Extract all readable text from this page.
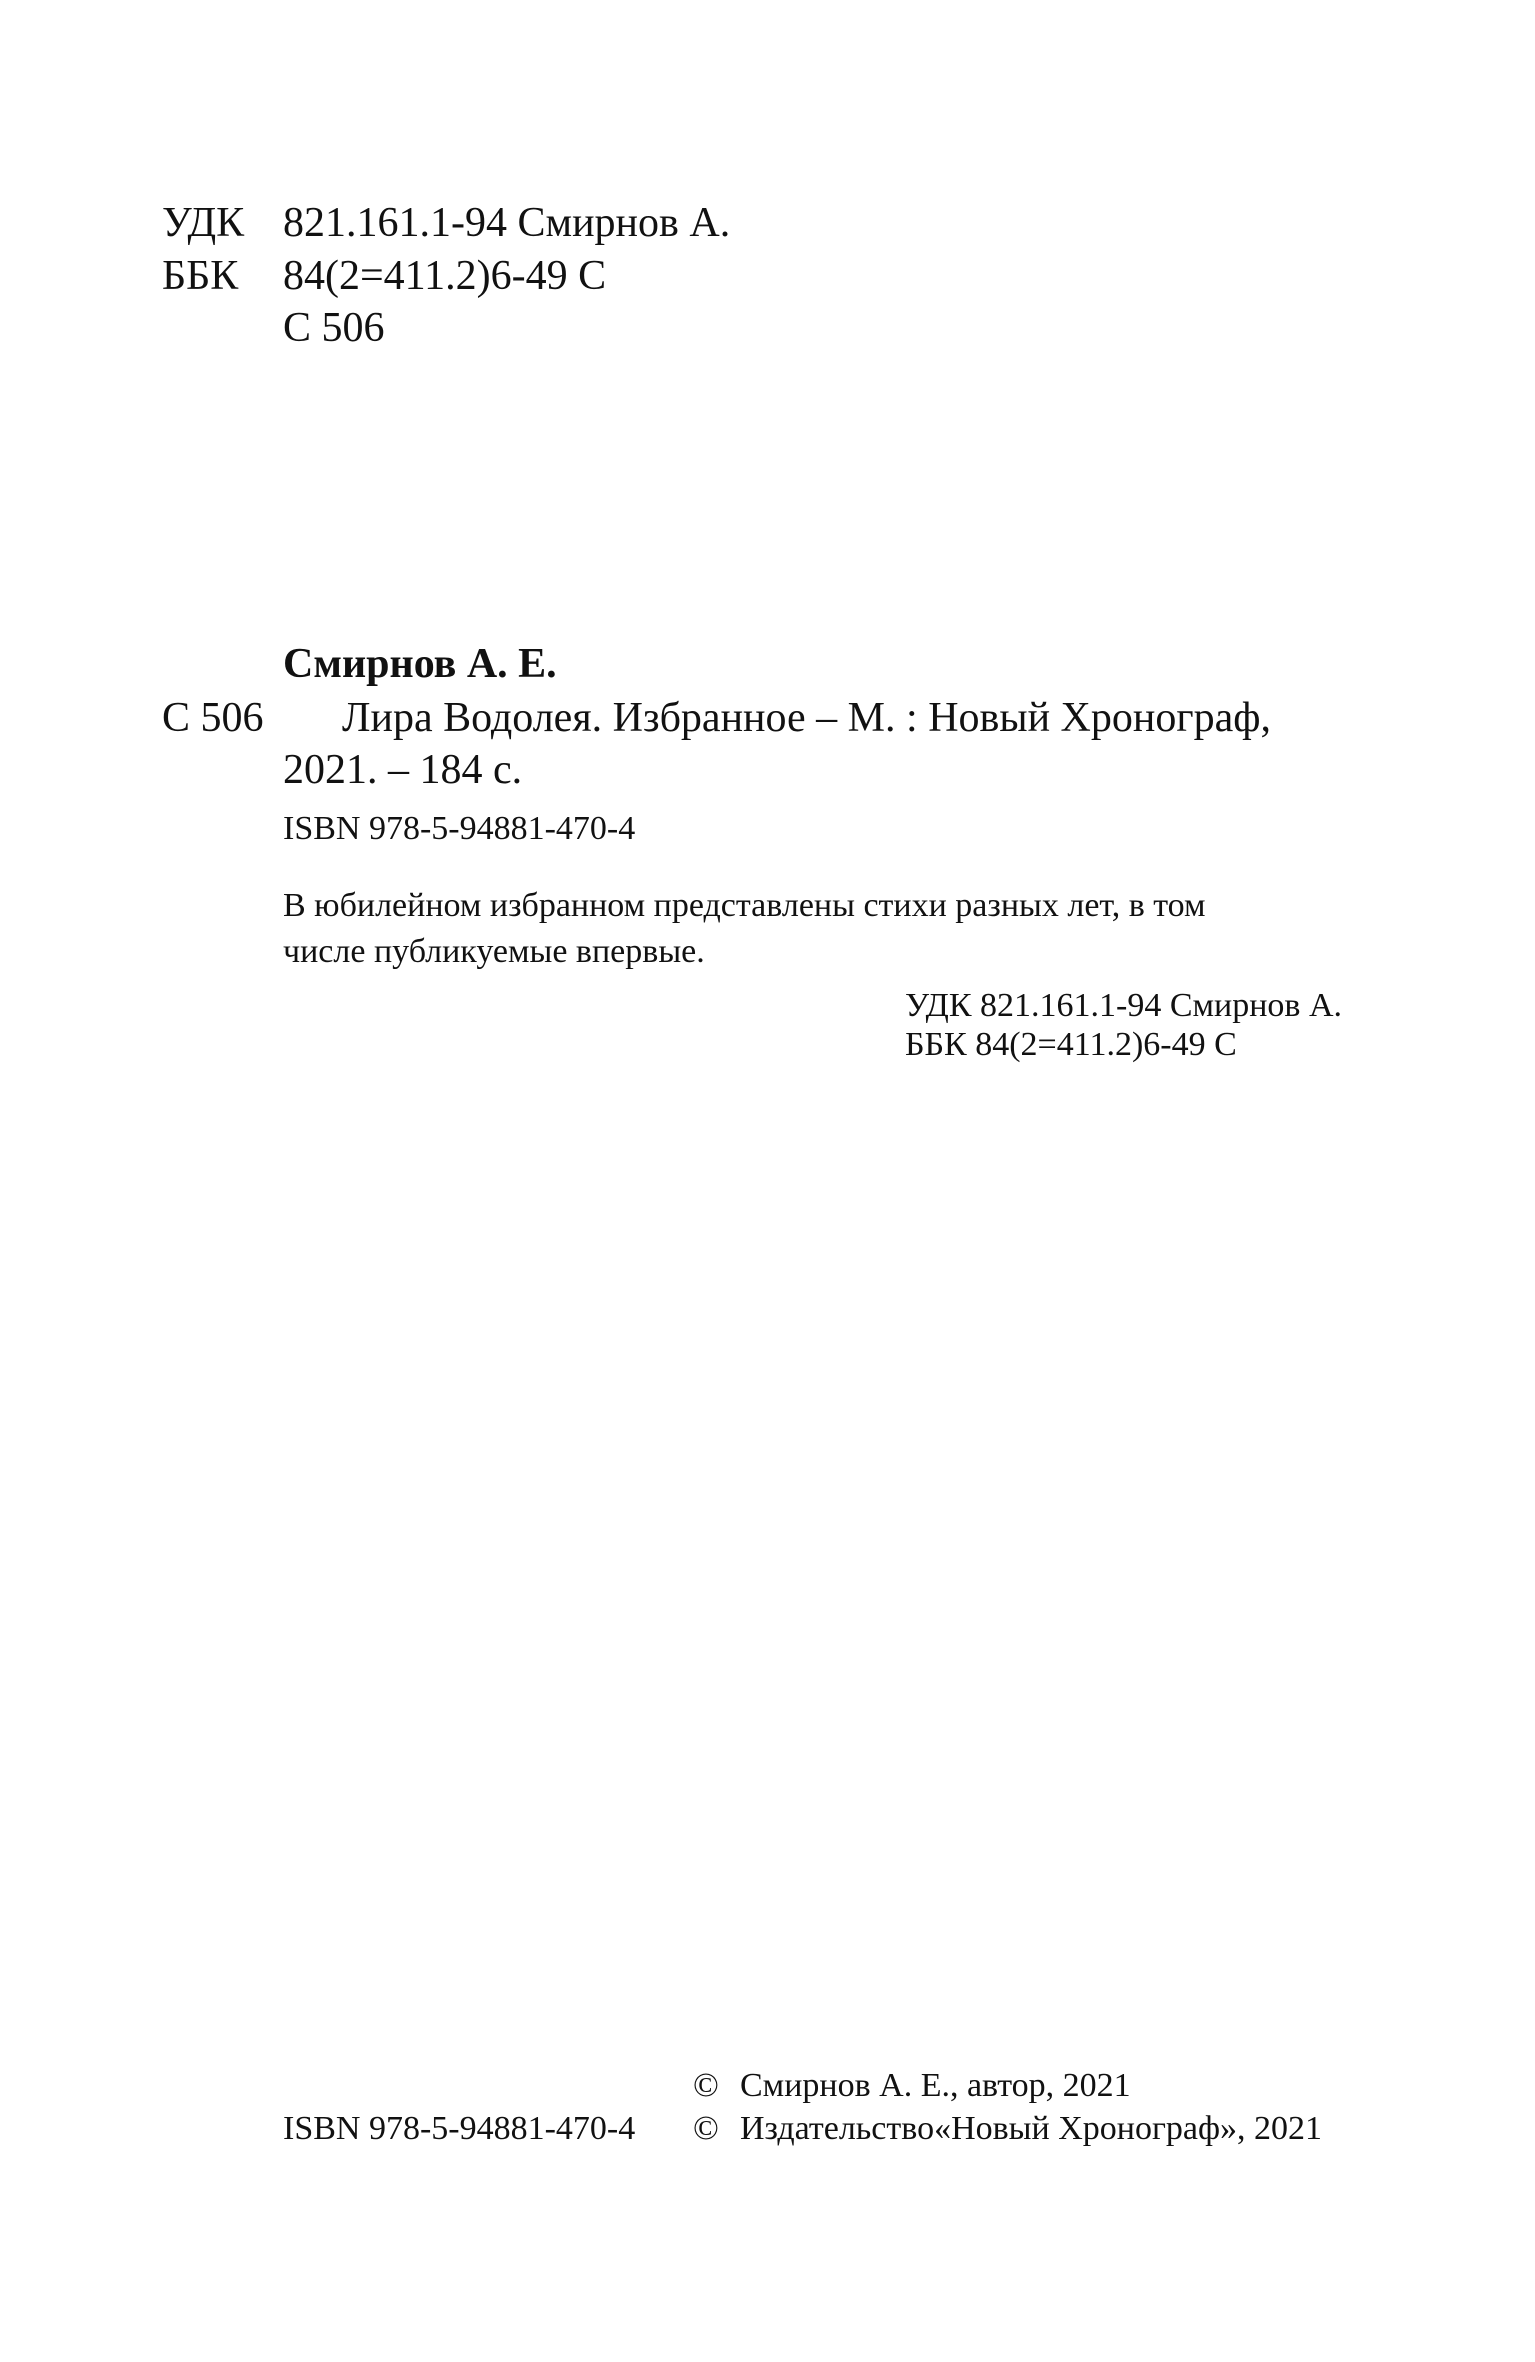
УДК 821.161.1-94 Смирнов А.
ББК 84(2=411.2)6-49 С
С 506
Смирнов А. Е.
С 506 Лира Водолея. Избранное – М. : Новый Хронограф,
2021. – 184 с.
ISBN 978-5-94881-470-4
В юбилейном избранном представлены стихи разных лет, в том
числе публикуемые впервые.
УДК 821.161.1-94 Смирнов А.
ББК 84(2=411.2)6-49 С
© Смирнов А. Е., автор, 2021
ISBN 978-5-94881-470-4 © Издательство«Новый Хронограф», 2021
